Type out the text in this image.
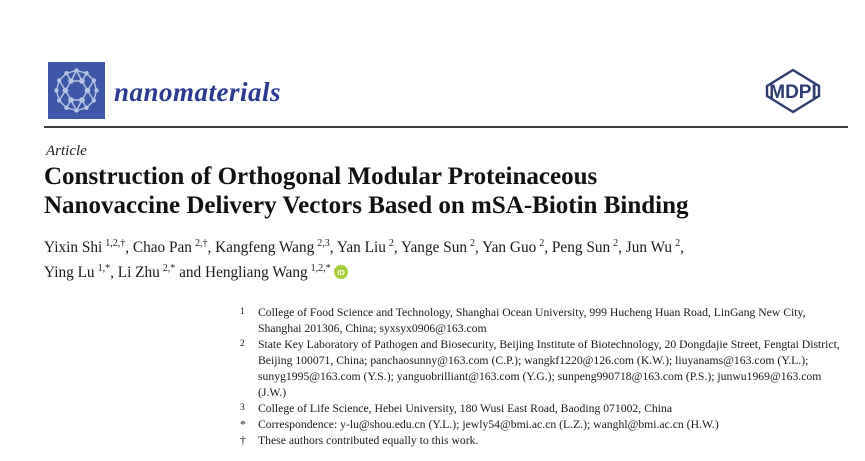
nanomaterials	MDPI
Article
Construction of Orthogonal Modular Proteinaceous
Nanovaccine Delivery Vectors Based on mSA-Biotin Binding
Yixin Shi $^{1,2,\dagger}$, Chao Pan $^{2,\dagger}$, Kangfeng Wang $^{2,3}$, Yan Liu $^2$, Yange Sun $^2$, Yan Guo $^2$, Peng Sun $^2$, Jun Wu $^2$,
Ying Lu $^{1,*}$, Li Zhu $^{2,*}$ and Hengliang Wang $^{1,2,*}$ iD
1	College of Food Science and Technology, Shanghai Ocean University, 999 Hucheng Huan Road, LinGang New City, Shanghai 201306, China; syxsyx0906@163.com
2	State Key Laboratory of Pathogen and Biosecurity, Beijing Institute of Biotechnology, 20 Dongdajie Street, Fengtai District, Beijing 100071, China; panchaosunny@163.com (C.P.); wangkf1220@126.com (K.W.); liuyanams@163.com (Y.L.); sunyg1995@163.com (Y.S.); yanguobrilliant@163.com (Y.G.); sunpeng990718@163.com (P.S.); junwu1969@163.com (J.W.)
3	College of Life Science, Hebei University, 180 Wusi East Road, Baoding 071002, China
*	Correspondence: y-lu@shou.edu.cn (Y.L.); jewly54@bmi.ac.cn (L.Z.); wanghl@bmi.ac.cn (H.W.)
†	These authors contributed equally to this work.
